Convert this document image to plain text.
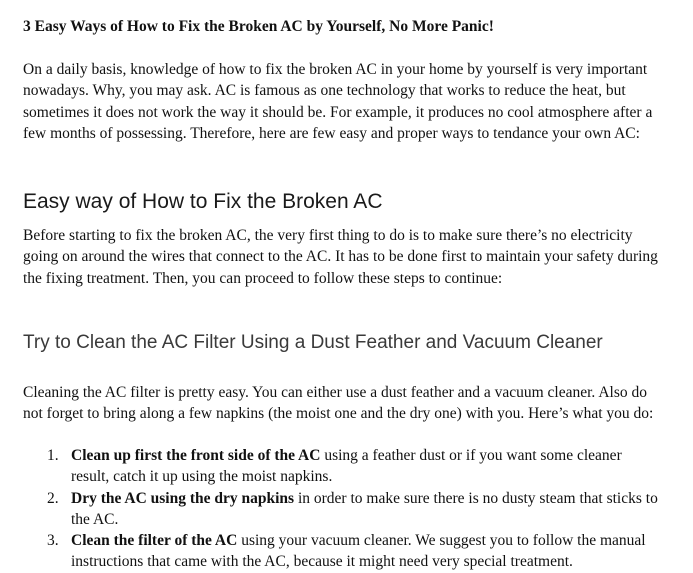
3 Easy Ways of How to Fix the Broken AC by Yourself, No More Panic!

On a daily basis, knowledge of how to fix the broken AC in your home by yourself is very important nowadays. Why, you may ask. AC is famous as one technology that works to reduce the heat, but sometimes it does not work the way it should be. For example, it produces no cool atmosphere after a few months of possessing. Therefore, here are few easy and proper ways to tendance your own AC:

Easy way of How to Fix the Broken AC

Before starting to fix the broken AC, the very first thing to do is to make sure there’s no electricity going on around the wires that connect to the AC. It has to be done first to maintain your safety during the fixing treatment. Then, you can proceed to follow these steps to continue:

Try to Clean the AC Filter Using a Dust Feather and Vacuum Cleaner

Cleaning the AC filter is pretty easy. You can either use a dust feather and a vacuum cleaner. Also do not forget to bring along a few napkins (the moist one and the dry one) with you. Here’s what you do:

1. Clean up first the front side of the AC using a feather dust or if you want some cleaner result, catch it up using the moist napkins.
2. Dry the AC using the dry napkins in order to make sure there is no dusty steam that sticks to the AC.
3. Clean the filter of the AC using your vacuum cleaner. We suggest you to follow the manual instructions that came with the AC, because it might need very special treatment.
